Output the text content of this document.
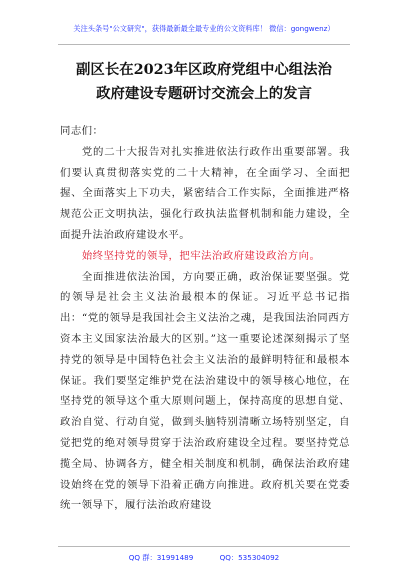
关注头条号"公文研究"，获得最新最全最专业的公文资料库！ 微信：gongwenz）
副区长在2023年区政府党组中心组法治
政府建设专题研讨交流会上的发言

同志们：

党的二十大报告对扎实推进依法行政作出重要部署。我们要认真贯彻落实党的二十大精神，在全面学习、全面把握、全面落实上下功夫，紧密结合工作实际，全面推进严格规范公正文明执法，强化行政执法监督机制和能力建设，全面提升法治政府建设水平。

始终坚持党的领导，把牢法治政府建设政治方向。

全面推进依法治国，方向要正确，政治保证要坚强。党的领导是社会主义法治最根本的保证。习近平总书记指出：“党的领导是我国社会主义法治之魂，是我国法治同西方资本主义国家法治最大的区别。”这一重要论述深刻揭示了坚持党的领导是中国特色社会主义法治的最鲜明特征和最根本保证。我们要坚定维护党在法治建设中的领导核心地位，在坚持党的领导这个重大原则问题上，保持高度的思想自觉、政治自觉、行动自觉，做到头脑特别清晰立场特别坚定，自觉把党的绝对领导贯穿于法治政府建设全过程。要坚持党总揽全局、协调各方，健全相关制度和机制，确保法治政府建设始终在党的领导下沿着正确方向推进。政府机关要在党委统一领导下，履行法治政府建设

QQ 群：31991489	QQ：535304092
